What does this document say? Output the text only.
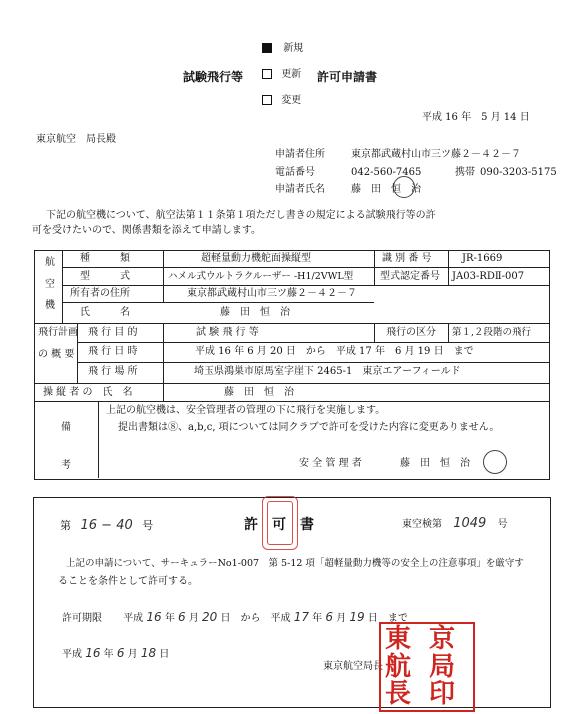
新規
試験飛行等	更新 許可申請書
変更
平成 16 年　5 月 14 日
東京航空　局長殿
申請者住所	東京都武蔵村山市三ツ藤２－４２－７
電話番号	042-560-7465	携帯 090-3203-5175
申請者氏名	藤　田　恒　治
下記の航空機について、航空法第１１条第１項ただし書きの規定による試験飛行等の許
可を受けたいので、関係書類を添えて申請します。
航
空
機
種　　　類	超軽量動力機舵面操縦型	識 別 番 号	JR-1669
型　　　式	ハメル式ウルトラクルーザー -H1/2VWL型	型式認定番号 JA03-RDⅡ-007
所有者の住所	東京都武蔵村山市三ツ藤２－４２－７
氏　　　名	藤　田　恒　治
飛行計画
の 概 要
飛 行 目 的	試 験 飛 行 等	飛行の区分 第１,２段階の飛行
飛 行 日 時	平成 16 年 6 月 20 日　から　平成 17 年　6 月 19 日　まで
飛 行 場 所	埼玉県鴻巣市原馬室字崖下 2465-1　東京エアーフィールド
操 縦 者 の　氏　名	藤　田　恒　治
備
考
上記の航空機は、安全管理者の管理の下に飛行を実施します。
提出書類は⑧、a,b,c, 項については同クラブで許可を受けた内容に変更ありません。
安 全 管 理 者	藤　田　恒　治
第 16 − 40 号	許　可　書	東空検第 1049 号
上記の申請について、サーキュラーNo1-007　第 5-12 項「超軽量動力機等の安全上の注意事項」を厳守す
ることを条件として許可する。
許可期限 平成 16 年 6 月 20 日　から　平成 17 年 6 月 19 日　まで
平成 16 年 6 月 18 日
東京航空局長
東 京
航 局
長 印
